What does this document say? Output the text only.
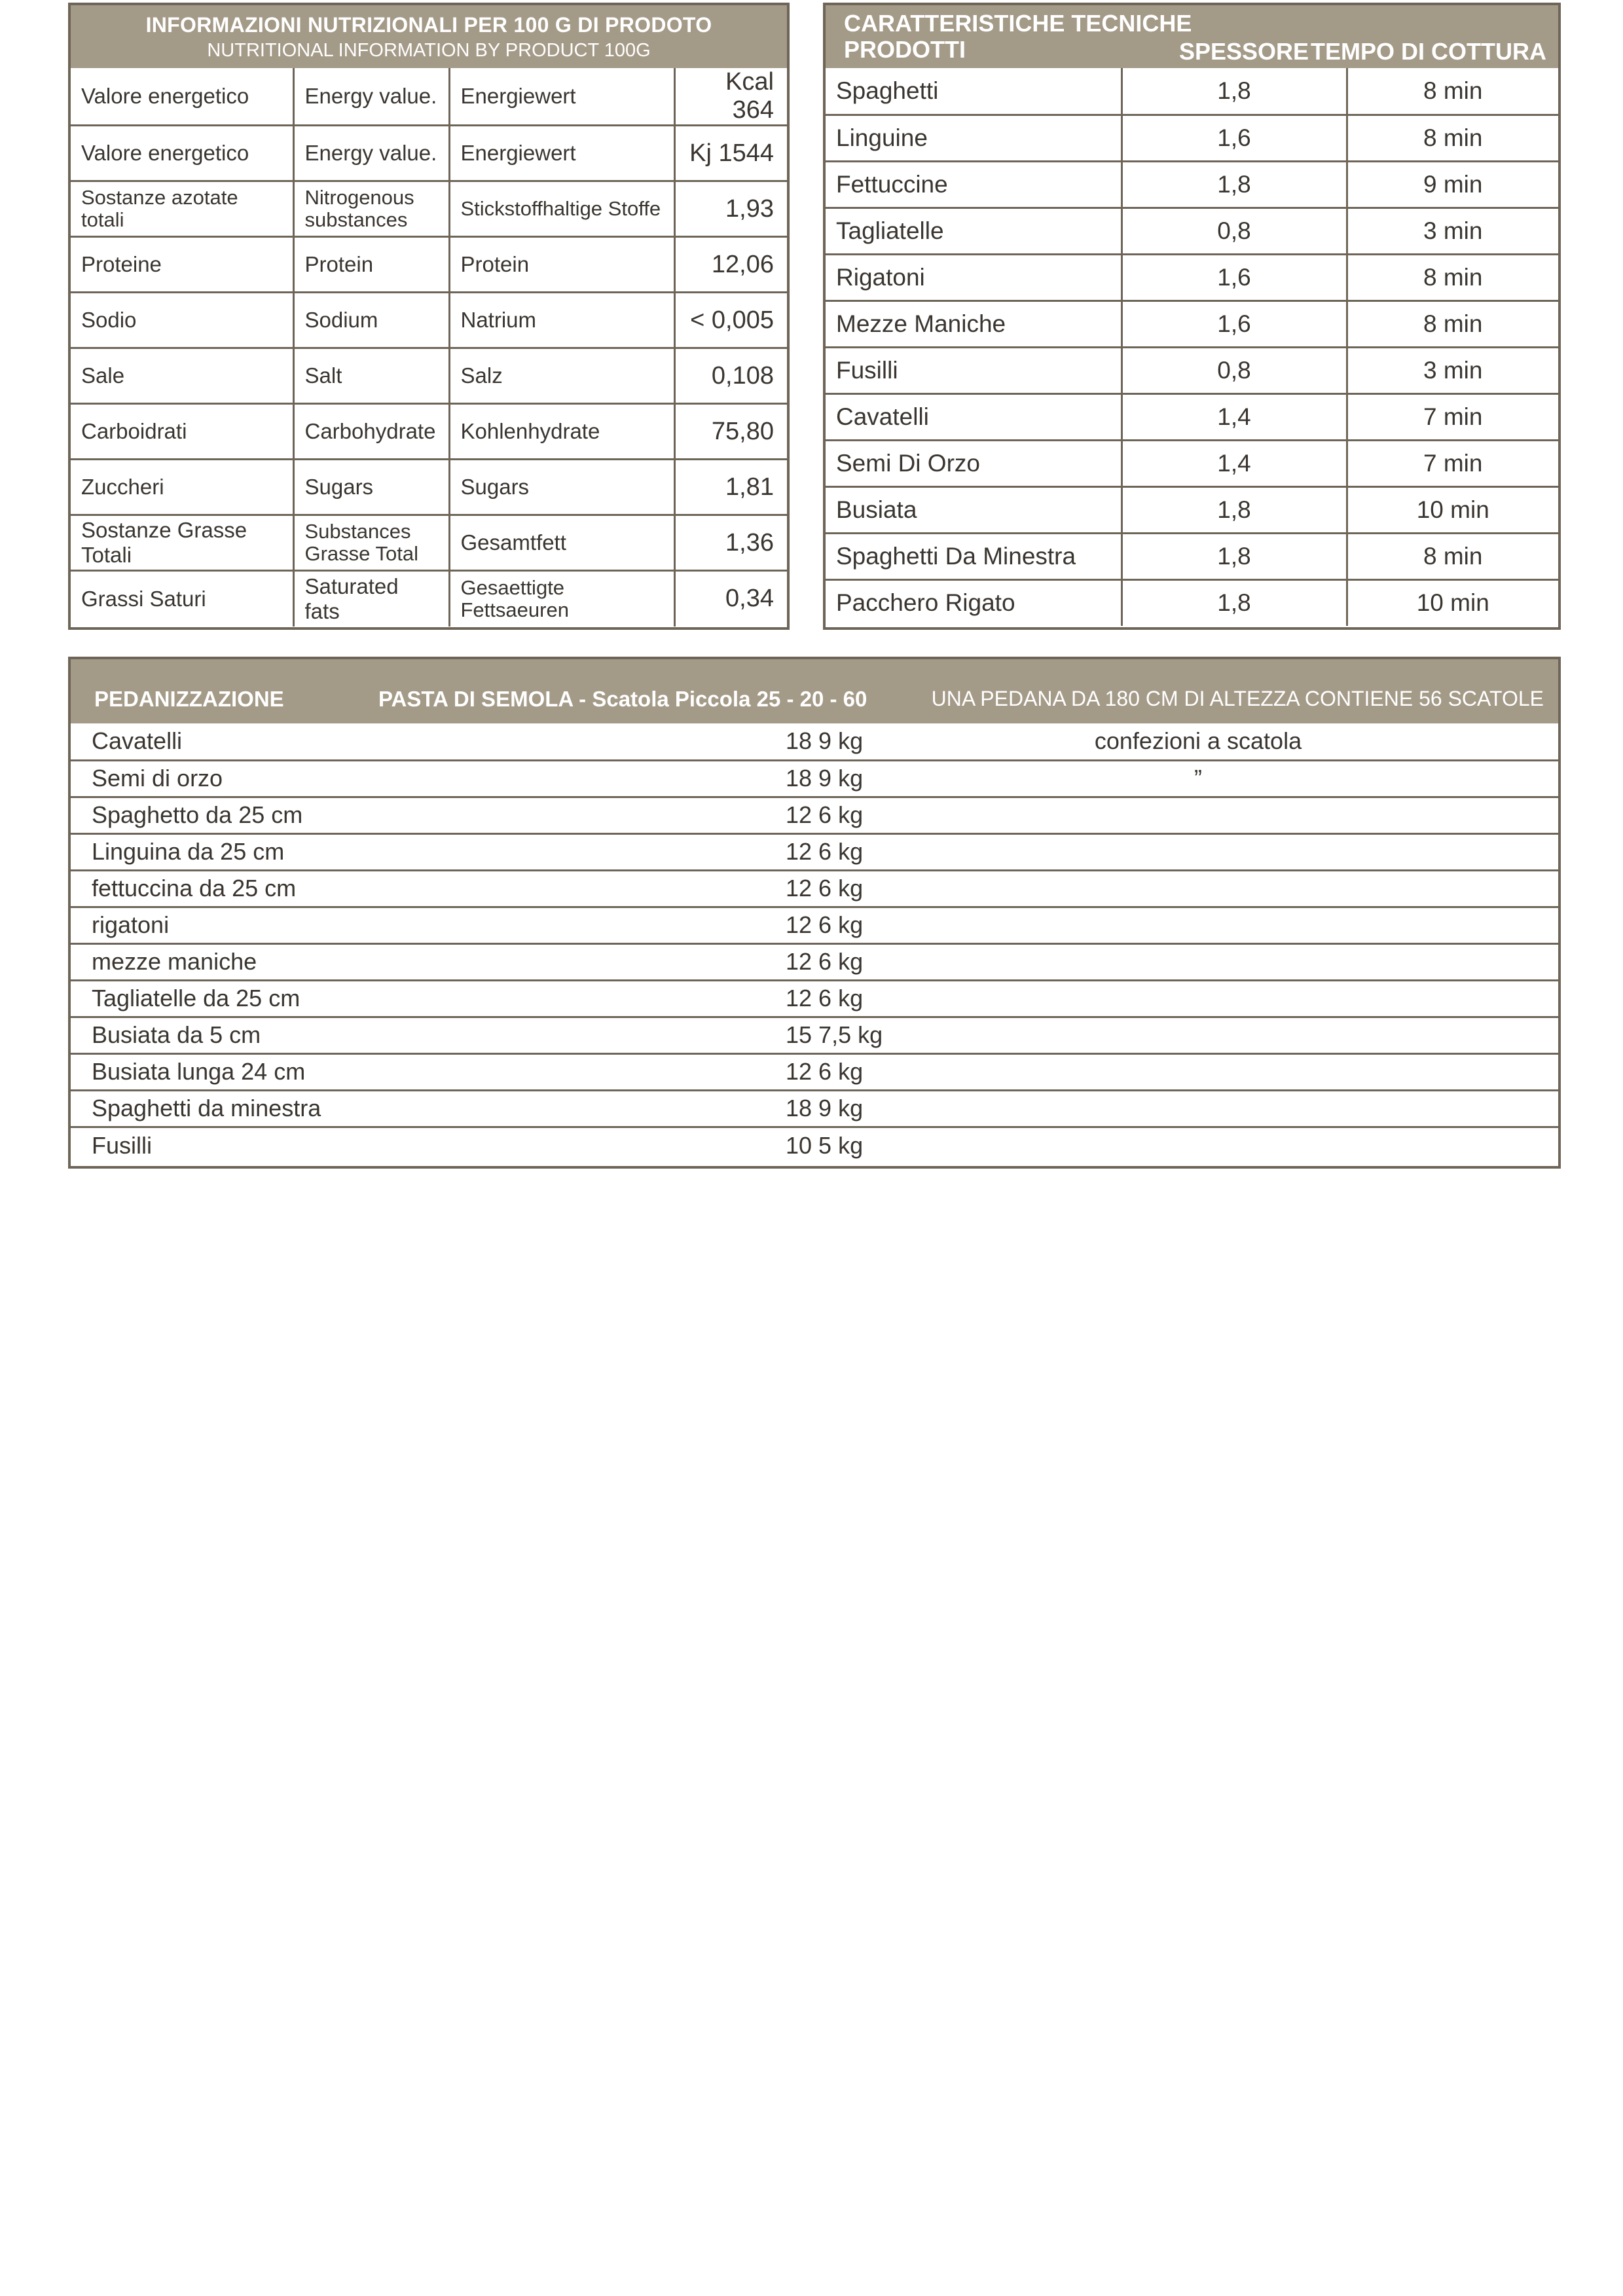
INFORMAZIONI NUTRIZIONALI PER 100 G DI PRODOTO
NUTRITIONAL INFORMATION BY PRODUCT 100G
Valore energetico	Energy value.	Energiewert	Kcal 364
Valore energetico	Energy value.	Energiewert	Kj 1544
Sostanze azotate totali	Nitrogenous substances	Stickstoffhaltige Stoffe	1,93
Proteine	Protein	Protein	12,06
Sodio	Sodium	Natrium	< 0,005
Sale	Salt	Salz	0,108
Carboidrati	Carbohydrate	Kohlenhydrate	75,80
Zuccheri	Sugars	Sugars	1,81
Sostanze Grasse Totali	Substances Grasse Total	Gesamtfett	1,36
Grassi Saturi	Saturated fats	Gesaettigte Fettsaeuren	0,34
CARATTERISTICHE TECNICHE
PRODOTTI	SPESSORE TEMPO DI COTTURA
Spaghetti	1,8	8 min
Linguine	1,6	8 min
Fettuccine	1,8	9 min
Tagliatelle	0,8	3 min
Rigatoni	1,6	8 min
Mezze Maniche	1,6	8 min
Fusilli	0,8	3 min
Cavatelli	1,4	7 min
Semi Di Orzo	1,4	7 min
Busiata	1,8	10 min
Spaghetti Da Minestra	1,8	8 min
Pacchero Rigato	1,8	10 min
PEDANIZZAZIONE	PASTA DI SEMOLA - Scatola Piccola 25 - 20 - 60	UNA PEDANA DA 180 CM DI ALTEZZA CONTIENE 56 SCATOLE
Cavatelli	18 9 kg	confezioni a scatola	
Semi di orzo	18 9 kg	”	
Spaghetto da 25 cm	12 6 kg		
Linguina da 25 cm	12 6 kg		
fettuccina da 25 cm	12 6 kg		
rigatoni	12 6 kg		
mezze maniche	12 6 kg		
Tagliatelle da 25 cm	12 6 kg		
Busiata da 5 cm	15 7,5 kg		
Busiata lunga 24 cm	12 6 kg		
Spaghetti da minestra	18 9 kg		
Fusilli	10 5 kg		
